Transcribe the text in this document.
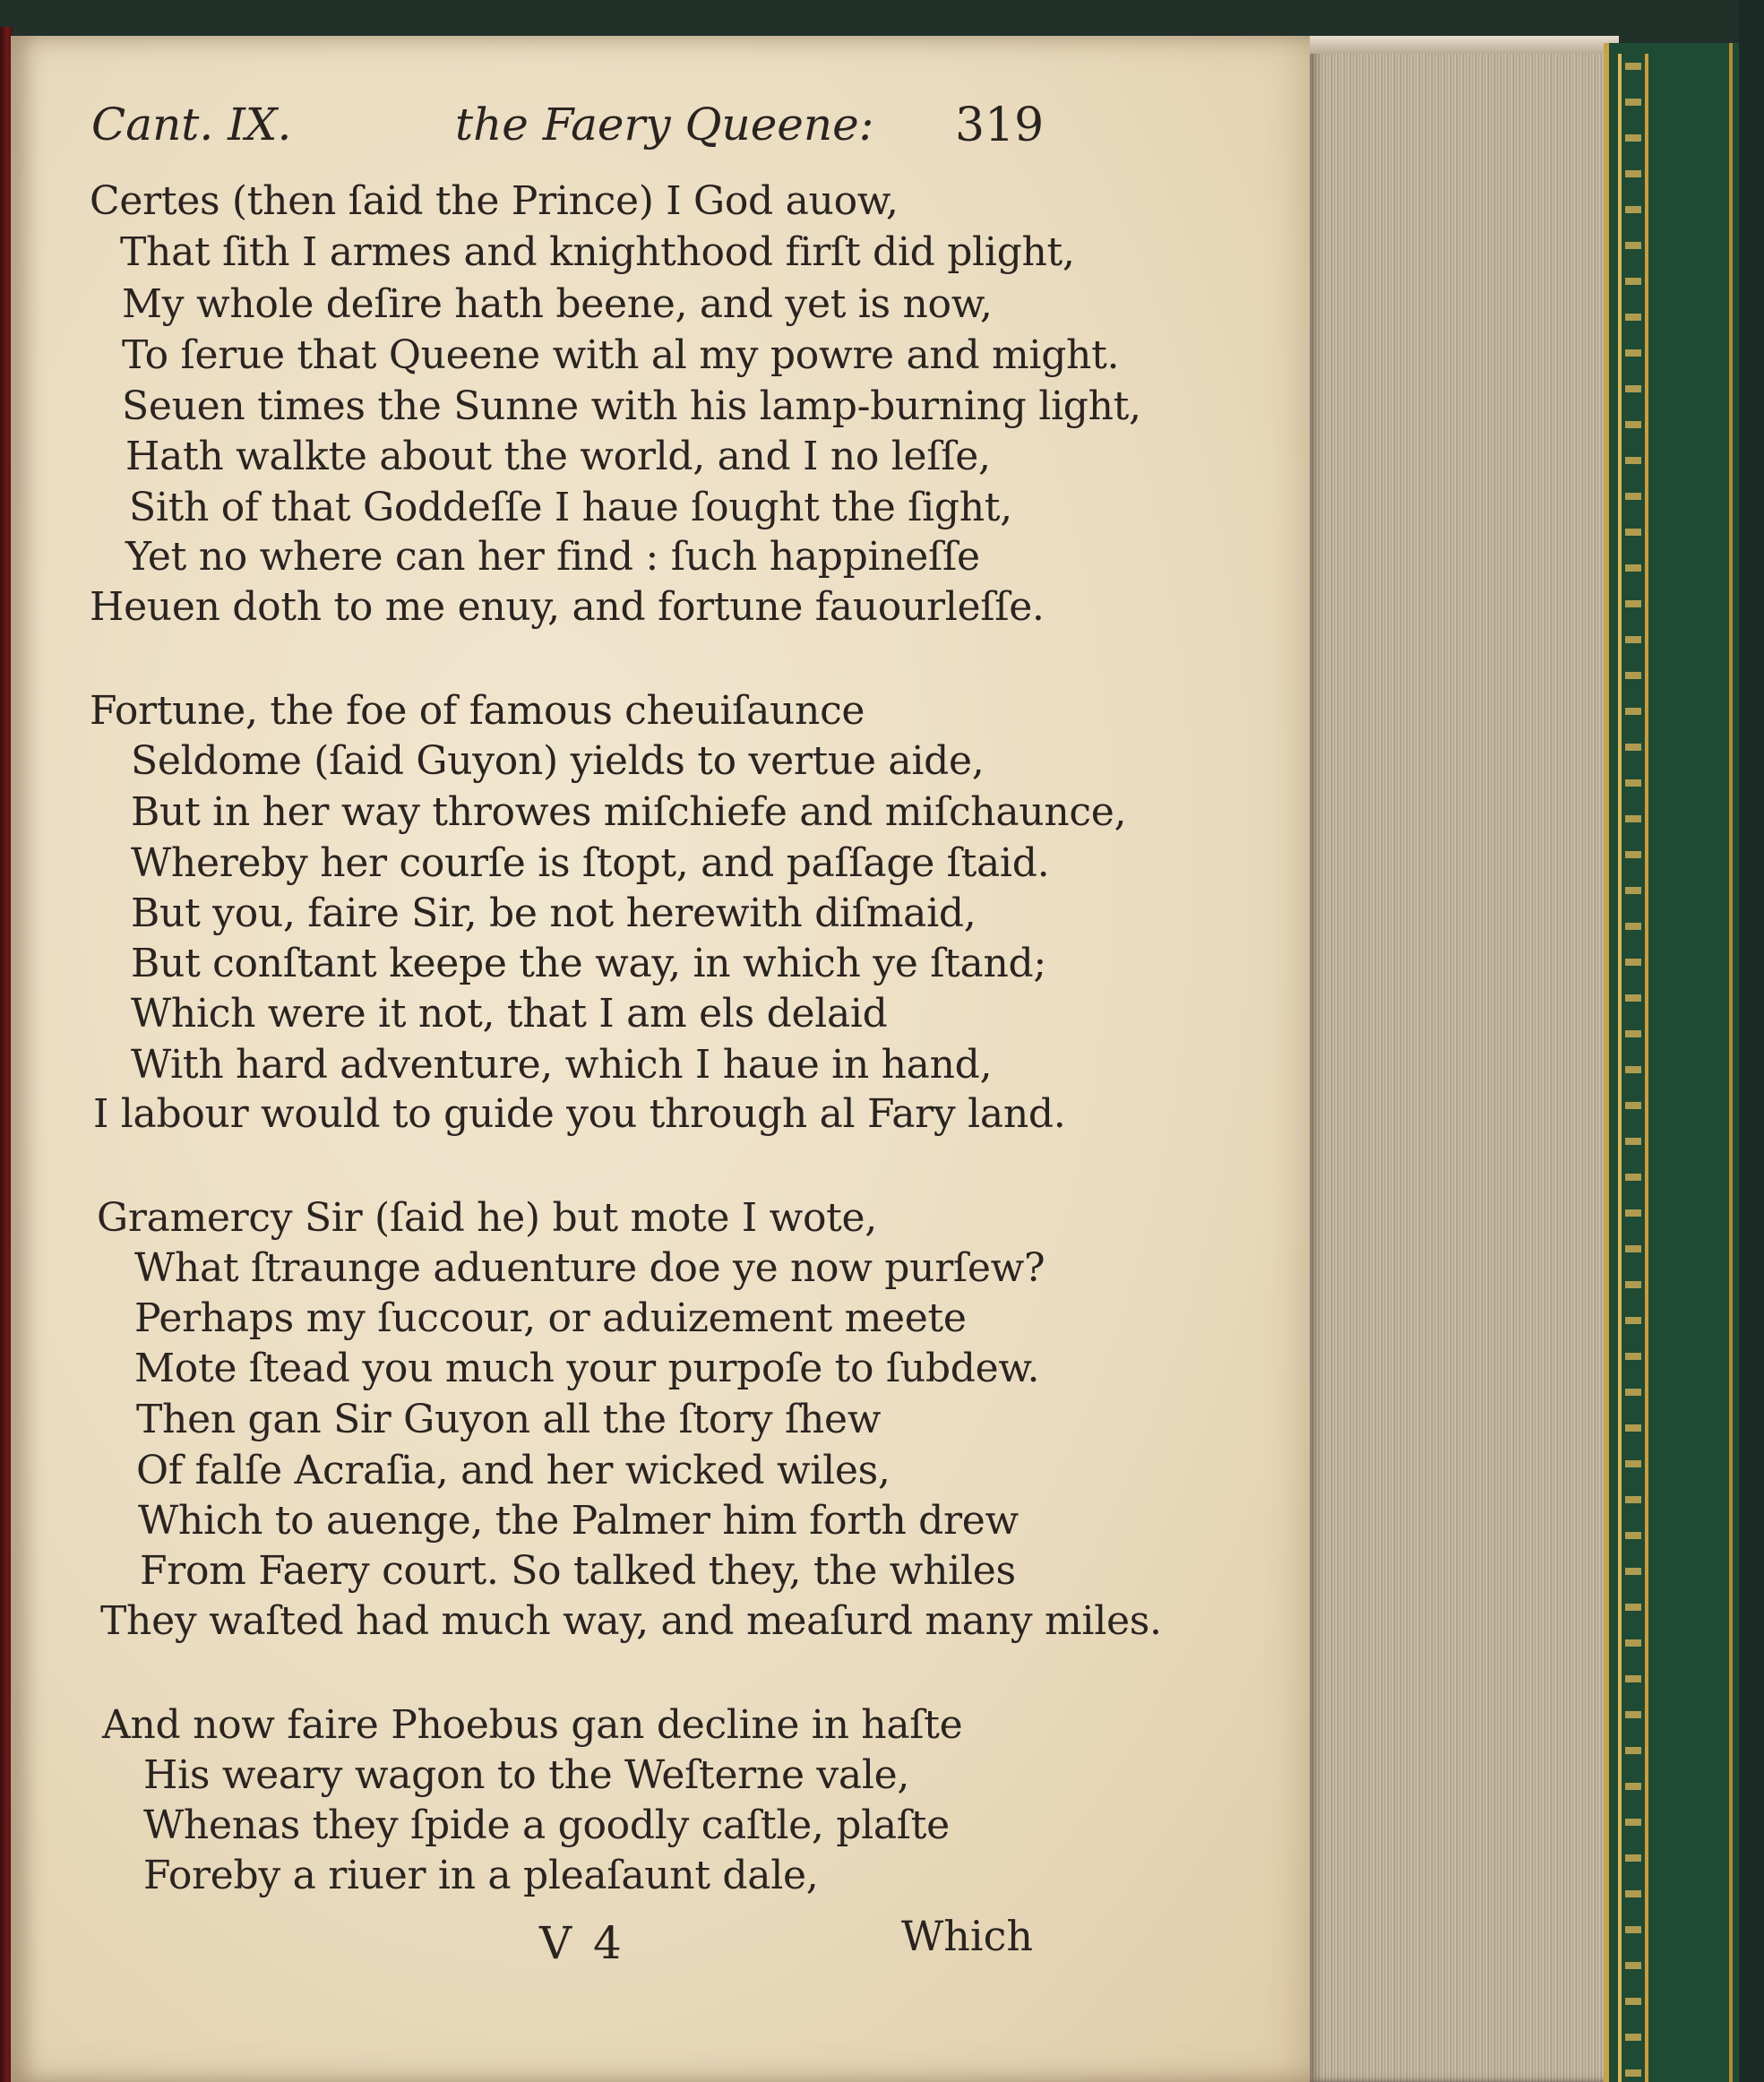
Cant. IX.	the Faery Queene: 319
Certes (then ſaid the Prince) I God auow,
That ſith I armes and knighthood firſt did plight,
My whole deſire hath beene, and yet is now,
To ſerue that Queene with al my powre and might.
Seuen times the Sunne with his lamp-burning light,
Hath walkte about the world, and I no leſſe,
Sith of that Goddeſſe I haue ſought the ſight,
Yet no where can her find : ſuch happineſſe
Heuen doth to me enuy, and fortune fauourleſſe.
Fortune, the foe of famous cheuiſaunce
Seldome (ſaid Guyon) yields to vertue aide,
But in her way throwes miſchiefe and miſchaunce,
Whereby her courſe is ſtopt, and paſſage ſtaid.
But you, faire Sir, be not herewith diſmaid,
But conſtant keepe the way, in which ye ſtand;
Which were it not, that I am els delaid
With hard adventure, which I haue in hand,
I labour would to guide you through al Fary land.
Gramercy Sir (ſaid he) but mote I wote,
What ſtraunge aduenture doe ye now purſew?
Perhaps my ſuccour, or aduizement meete
Mote ſtead you much your purpoſe to ſubdew.
Then gan Sir Guyon all the ſtory ſhew
Of falſe Acraſia, and her wicked wiles,
Which to auenge, the Palmer him forth drew
From Faery court. So talked they, the whiles
They waſted had much way, and meaſurd many miles.
And now faire Phoebus gan decline in haſte
His weary wagon to the Weſterne vale,
Whenas they ſpide a goodly caſtle, plaſte
Foreby a riuer in a pleaſaunt dale,
V 4	Which
